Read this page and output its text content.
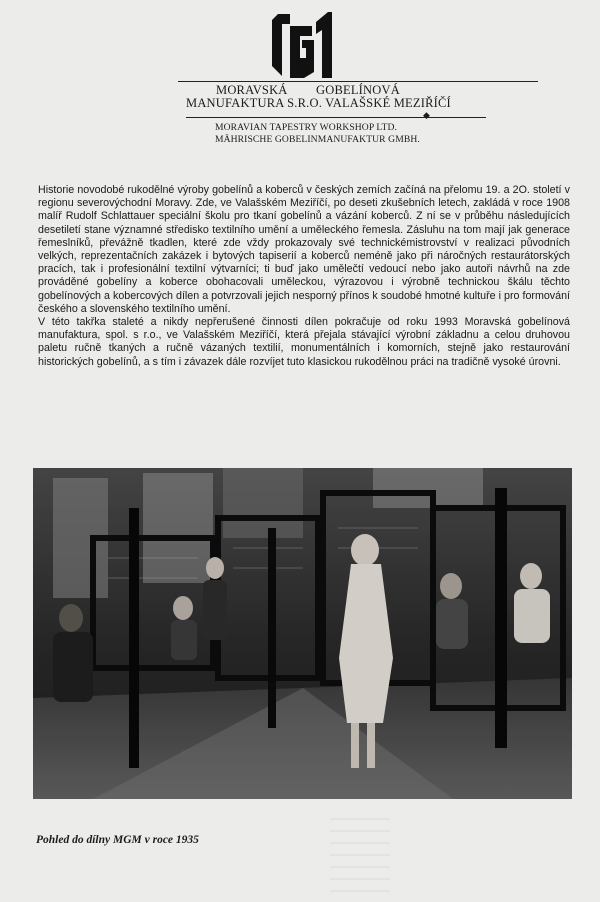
MORAVSKÁ GOBELÍNOVÁ
MANUFAKTURA S.R.O. VALAŠSKÉ MEZIŘÍČÍ
◆
MORAVIAN TAPESTRY WORKSHOP LTD.
MÄHRISCHE GOBELINMANUFAKTUR GMBH.

Historie novodobé rukodělné výroby gobelínů a koberců v českých zemích začíná na přelomu 19. a 2O. století v regionu severovýchodní Moravy. Zde, ve Valašském Meziříčí, po deseti zkušebních letech, zakládá v roce 1908 malíř Rudolf Schlattauer speciální školu pro tkaní gobelínů a vázání koberců. Z ní se v průběhu následujících desetiletí stane významné středisko textilního umění a uměleckého řemesla. Zásluhu na tom mají jak generace řemeslníků, převážně tkadlen, které zde vždy prokazovaly své technickémistrovství v realizaci původních velkých, reprezentačních zakázek i bytových tapiserií a koberců neméně jako při náročných restaurátorských pracích, tak i profesionální textilní výtvarníci; ti buď jako umělečtí vedoucí nebo jako autoři návrhů na zde prováděné gobelíny a koberce obohacovali uměleckou, výrazovou i výrobně technickou škálu těchto gobelínových a kobercových dílen a potvrzovali jejich nesporný přínos k soudobé hmotné kultuře i pro formování českého a slovenského textilního umění.

V této takřka staleté a nikdy nepřerušené činnosti dílen pokračuje od roku 1993 Moravská gobelínová manufaktura, spol. s r.o., ve Valašském Meziříčí, která přejala stávající výrobní základnu a celou druhovou paletu ručně tkaných a ručně vázaných textilií, monumentálních i komorních, stejně jako restaurování historických gobelínů, a s tím i závazek dále rozvíjet tuto klasickou rukodělnou práci na tradičně vysoké úrovni.

Pohled do dílny MGM v roce 1935
